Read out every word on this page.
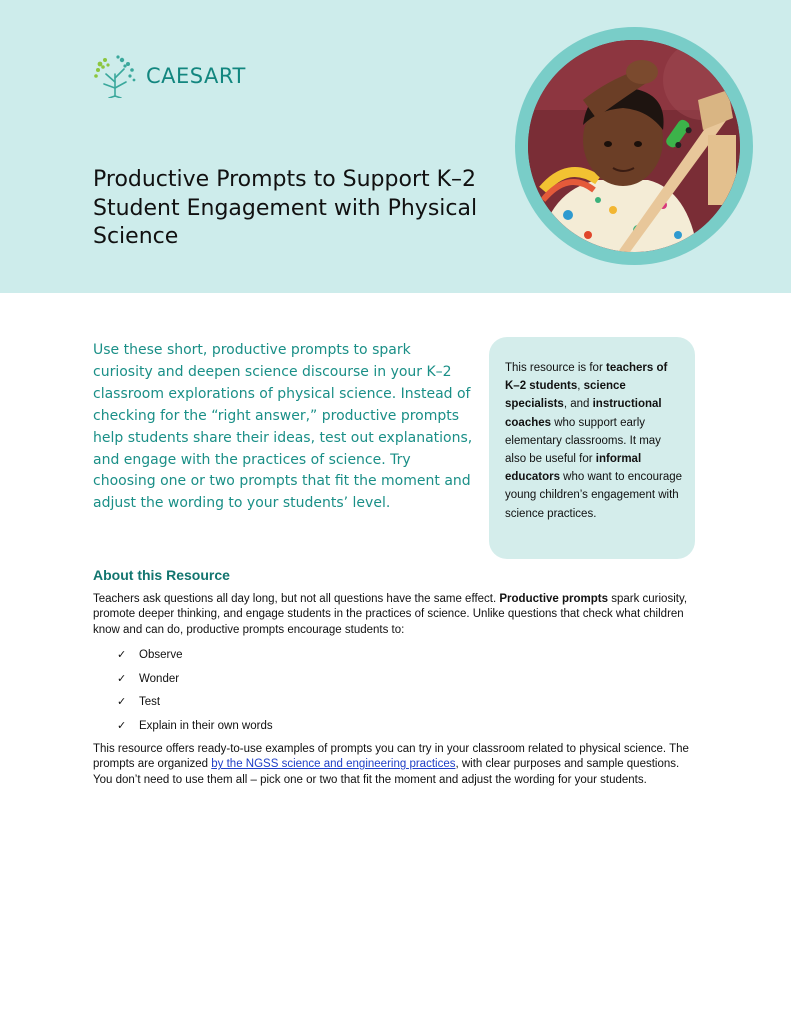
CAESART
Productive Prompts to Support K–2 Student Engagement with Physical Science

Use these short, productive prompts to spark curiosity and deepen science discourse in your K–2 classroom explorations of physical science. Instead of checking for the “right answer,” productive prompts help students share their ideas, test out explanations, and engage with the practices of science. Try choosing one or two prompts that fit the moment and adjust the wording to your students’ level.

This resource is for teachers of K–2 students, science specialists, and instructional coaches who support early elementary classrooms. It may also be useful for informal educators who want to encourage young children’s engagement with science practices.

About this Resource

Teachers ask questions all day long, but not all questions have the same effect. Productive prompts spark curiosity, promote deeper thinking, and engage students in the practices of science. Unlike questions that check what children know and can do, productive prompts encourage students to:

✓	Observe
✓	Wonder
✓	Test
✓	Explain in their own words

This resource offers ready-to-use examples of prompts you can try in your classroom related to physical science. The prompts are organized by the NGSS science and engineering practices, with clear purposes and sample questions. You don’t need to use them all – pick one or two that fit the moment and adjust the wording for your students.
